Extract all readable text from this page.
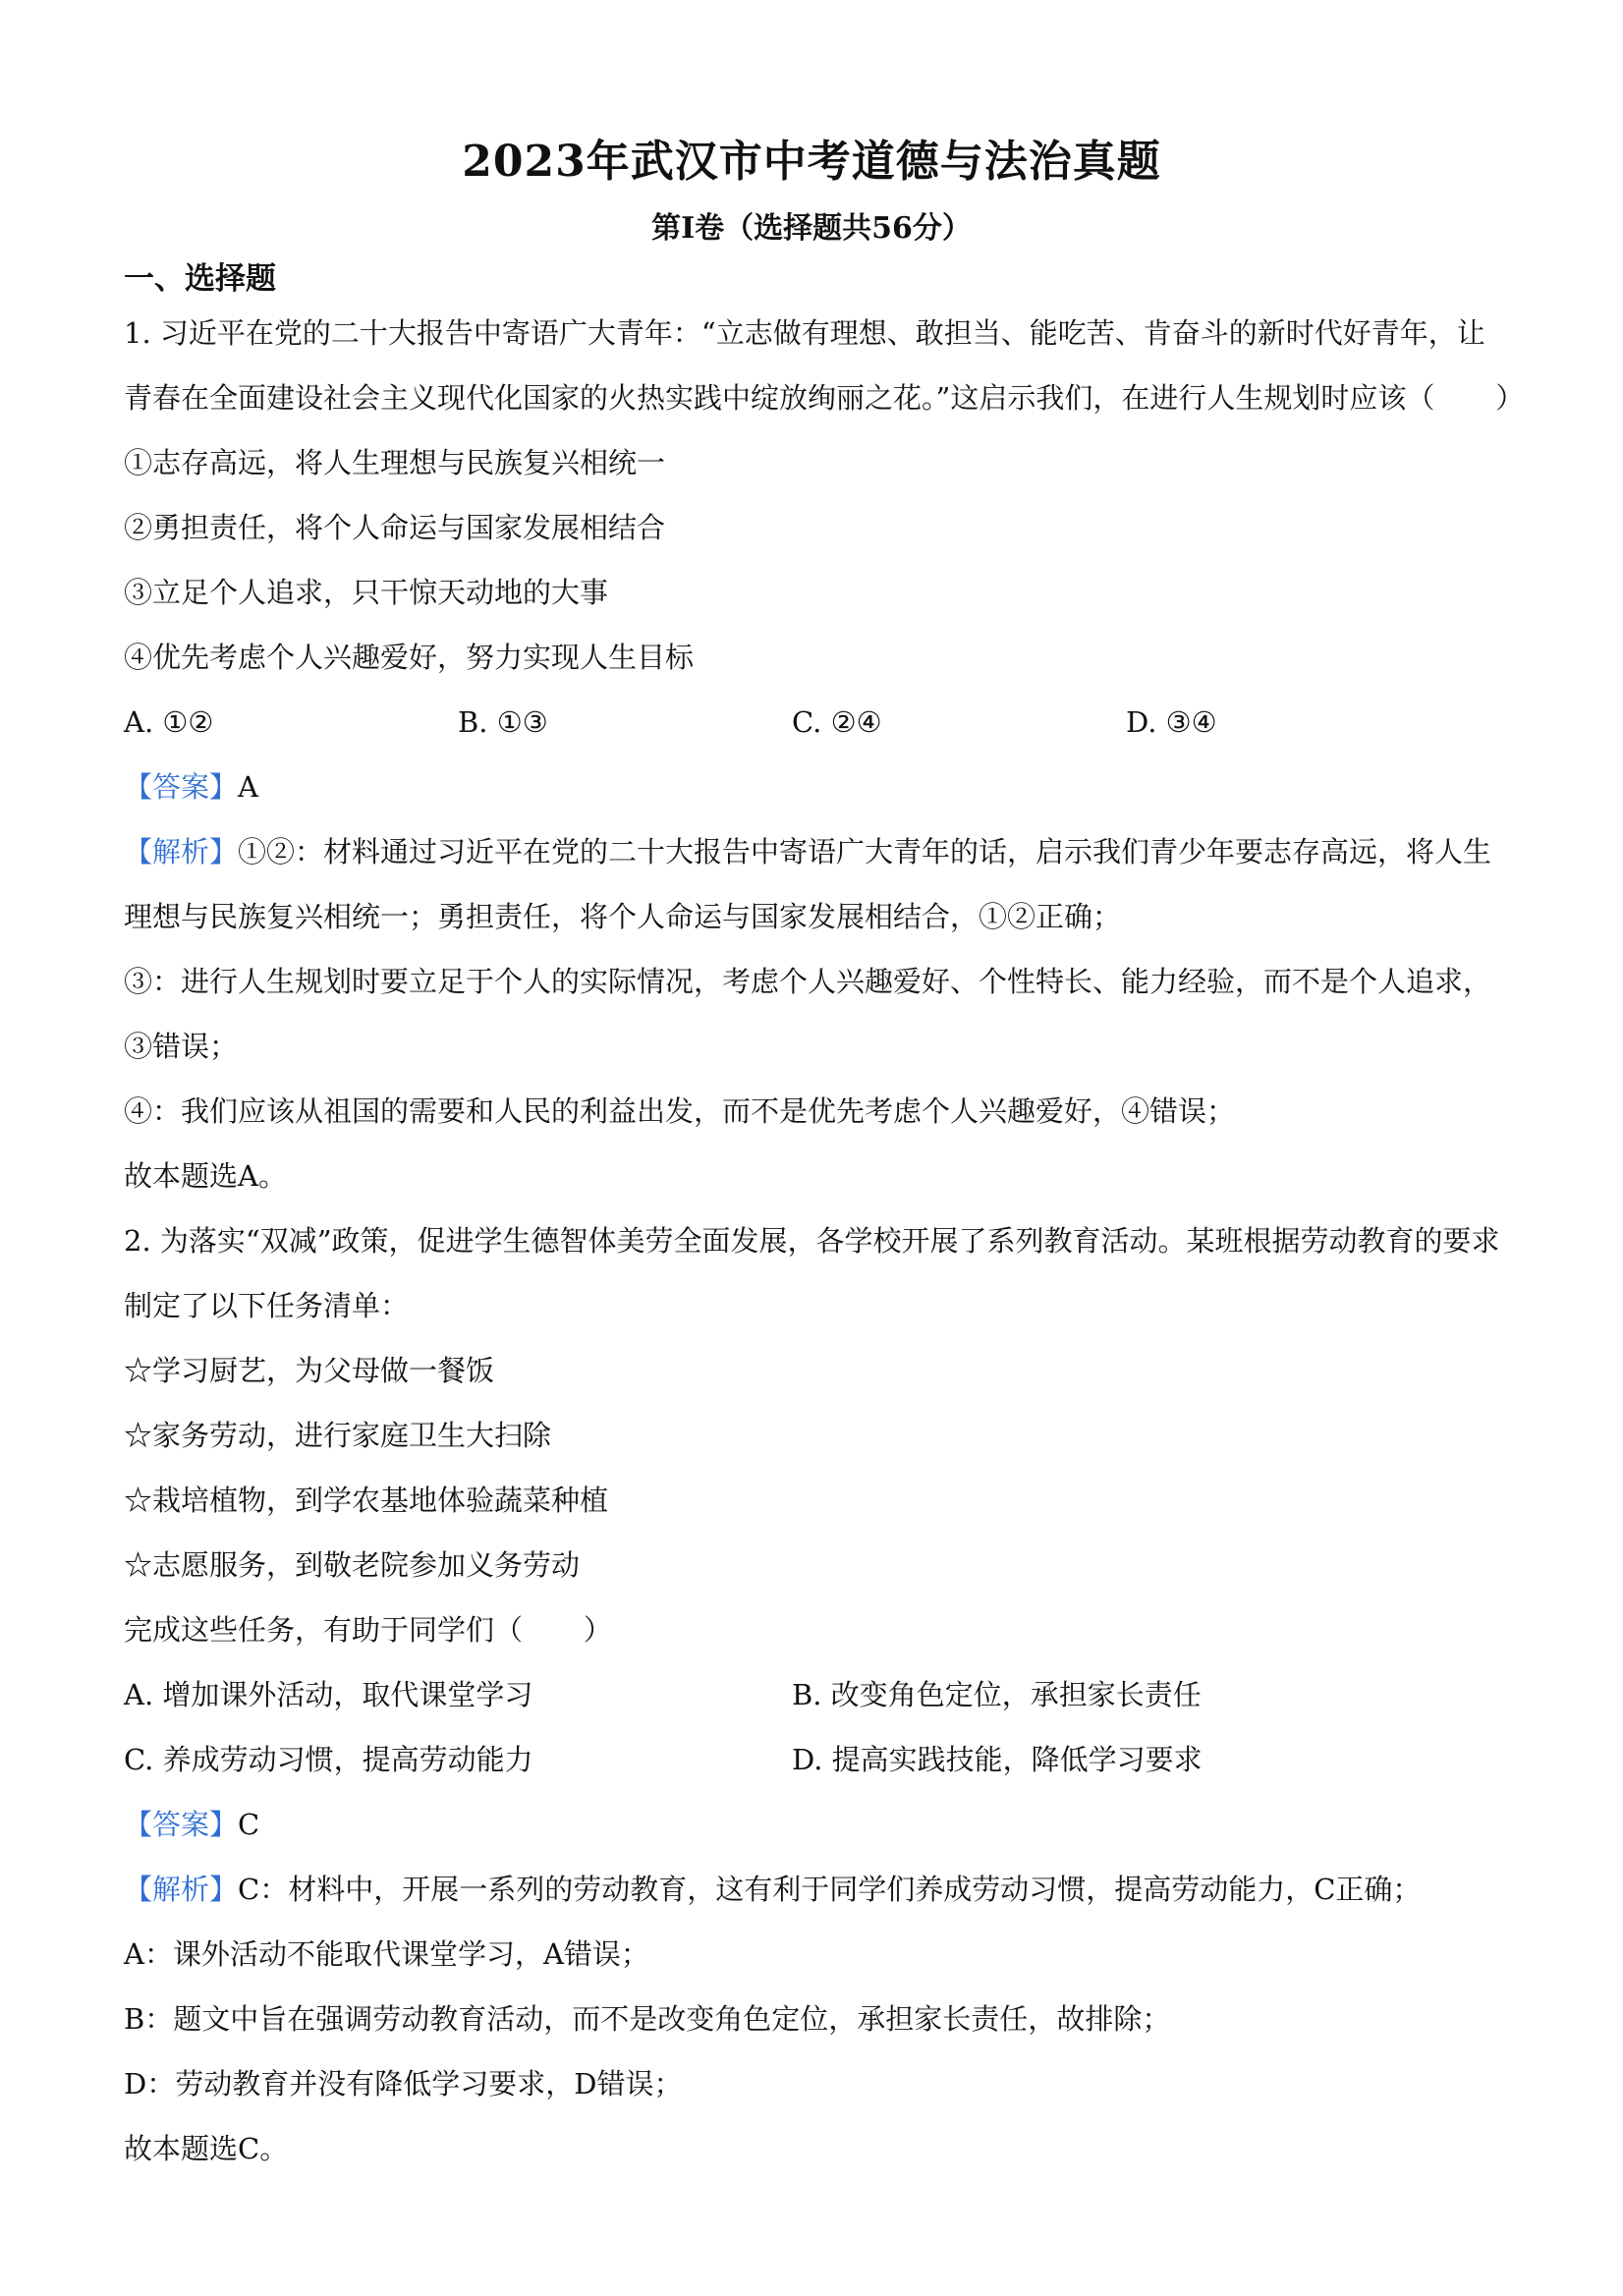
2023年武汉市中考道德与法治真题
第I卷（选择题共56分）
一、选择题
1. 习近平在党的二十大报告中寄语广大青年：“立志做有理想、敢担当、能吃苦、肯奋斗的新时代好青年，让
青春在全面建设社会主义现代化国家的火热实践中绽放绚丽之花。”这启示我们，在进行人生规划时应该（ ）
①志存高远，将人生理想与民族复兴相统一
②勇担责任，将个人命运与国家发展相结合
③立足个人追求，只干惊天动地的大事
④优先考虑个人兴趣爱好，努力实现人生目标
A. ①②	B. ①③	C. ②④	D. ③④
【答案】A
【解析】①②：材料通过习近平在党的二十大报告中寄语广大青年的话，启示我们青少年要志存高远，将人生
理想与民族复兴相统一；勇担责任，将个人命运与国家发展相结合，①②正确；
③：进行人生规划时要立足于个人的实际情况，考虑个人兴趣爱好、个性特长、能力经验，而不是个人追求，
③错误；
④：我们应该从祖国的需要和人民的利益出发，而不是优先考虑个人兴趣爱好，④错误；
故本题选A。
2. 为落实“双减”政策，促进学生德智体美劳全面发展，各学校开展了系列教育活动。某班根据劳动教育的要求
制定了以下任务清单：
☆学习厨艺，为父母做一餐饭
☆家务劳动，进行家庭卫生大扫除
☆栽培植物，到学农基地体验蔬菜种植
☆志愿服务，到敬老院参加义务劳动
完成这些任务，有助于同学们（ ）
A. 增加课外活动，取代课堂学习	B. 改变角色定位，承担家长责任
C. 养成劳动习惯，提高劳动能力	D. 提高实践技能，降低学习要求
【答案】C
【解析】C：材料中，开展一系列的劳动教育，这有利于同学们养成劳动习惯，提高劳动能力，C正确；
A：课外活动不能取代课堂学习，A错误；
B：题文中旨在强调劳动教育活动，而不是改变角色定位，承担家长责任，故排除；
D：劳动教育并没有降低学习要求，D错误；
故本题选C。
